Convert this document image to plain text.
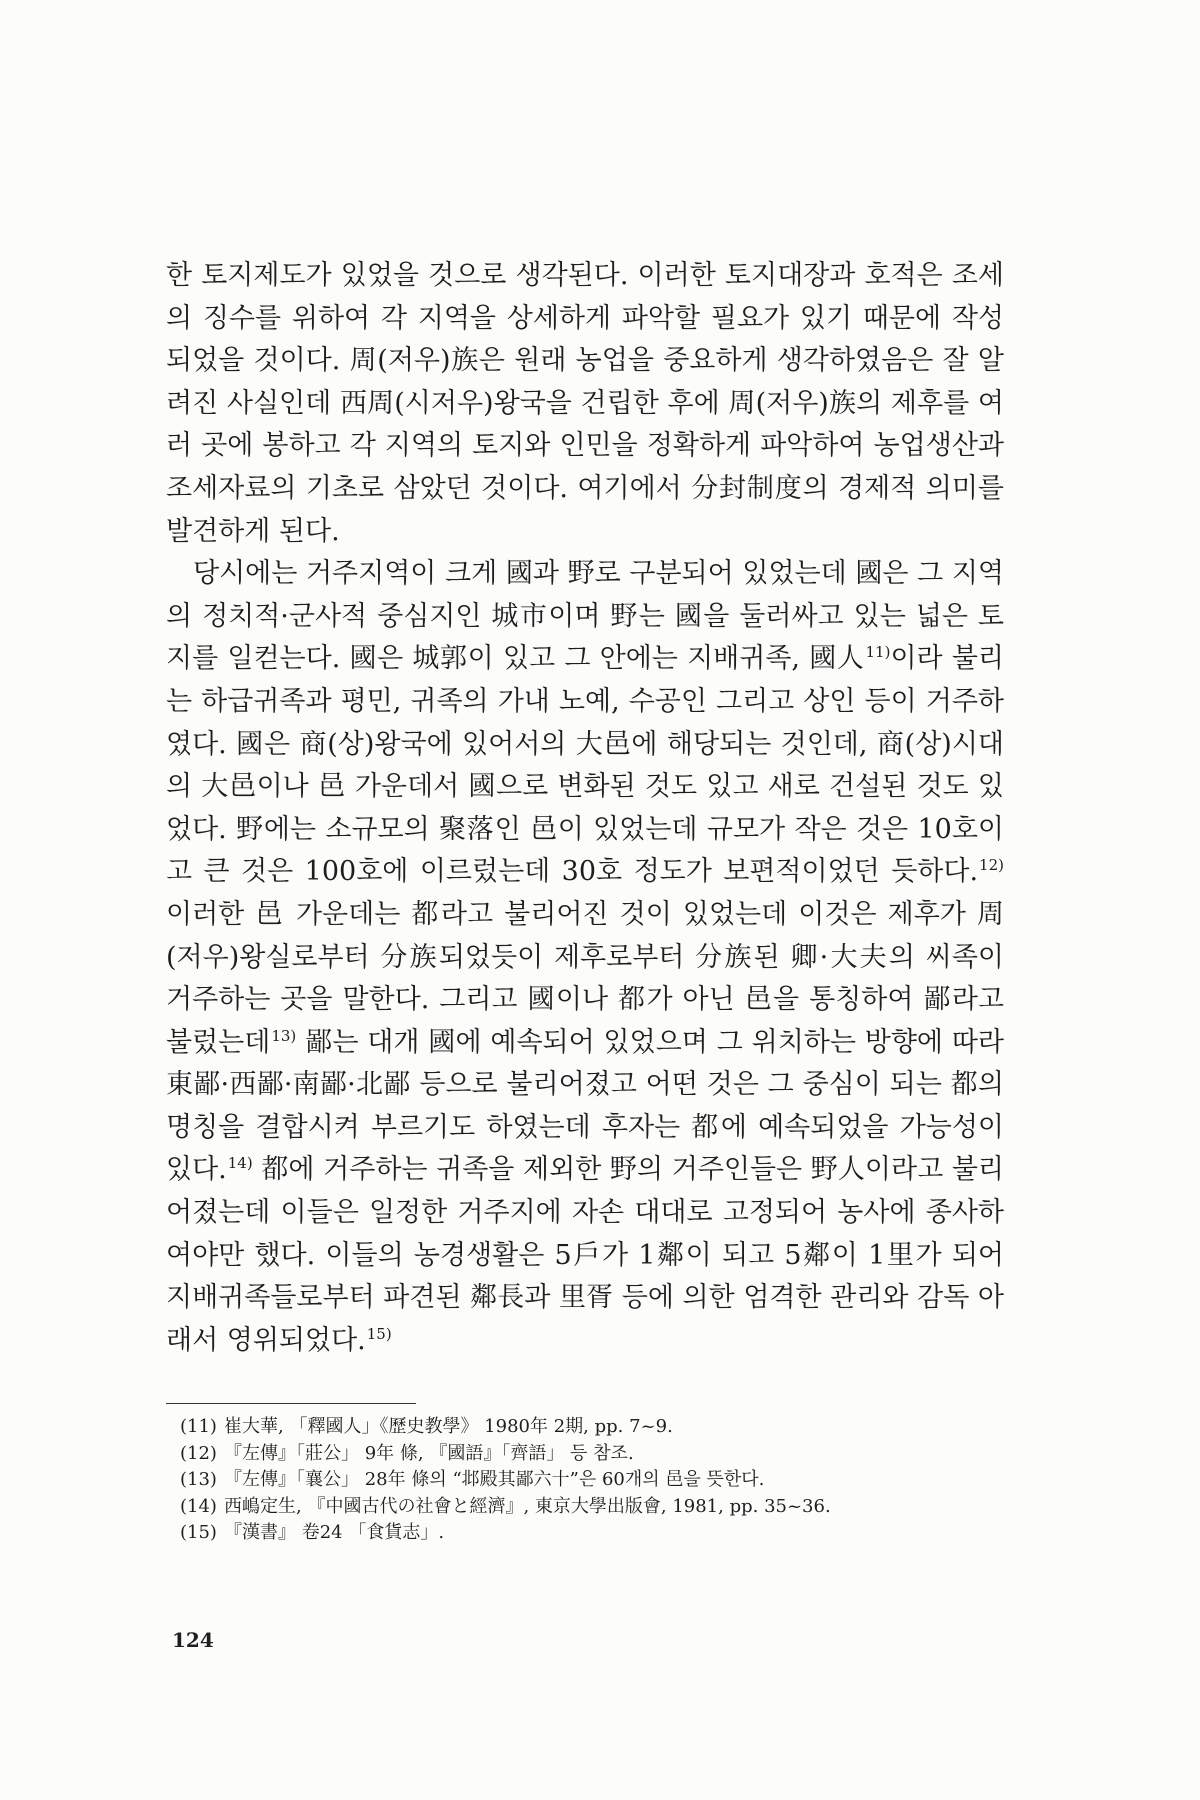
한 토지제도가 있었을 것으로 생각된다. 이러한 토지대장과 호적은 조세의 징수를 위하여 각 지역을 상세하게 파악할 필요가 있기 때문에 작성되었을 것이다. 周(저우)族은 원래 농업을 중요하게 생각하였음은 잘 알려진 사실인데 西周(시저우)왕국을 건립한 후에 周(저우)族의 제후를 여러 곳에 봉하고 각 지역의 토지와 인민을 정확하게 파악하여 농업생산과 조세자료의 기초로 삼았던 것이다. 여기에서 分封制度의 경제적 의미를 발견하게 된다.

당시에는 거주지역이 크게 國과 野로 구분되어 있었는데 國은 그 지역의 정치적·군사적 중심지인 城市이며 野는 國을 둘러싸고 있는 넓은 토지를 일컫는다. 國은 城郭이 있고 그 안에는 지배귀족, 國人$^{11)}$이라 불리는 하급귀족과 평민, 귀족의 가내 노예, 수공인 그리고 상인 등이 거주하였다. 國은 商(상)왕국에 있어서의 大邑에 해당되는 것인데, 商(상)시대의 大邑이나 邑 가운데서 國으로 변화된 것도 있고 새로 건설된 것도 있었다. 野에는 소규모의 聚落인 邑이 있었는데 규모가 작은 것은 10호이고 큰 것은 100호에 이르렀는데 30호 정도가 보편적이었던 듯하다.$^{12)}$ 이러한 邑 가운데는 都라고 불리어진 것이 있었는데 이것은 제후가 周(저우)왕실로부터 分族되었듯이 제후로부터 分族된 卿·大夫의 씨족이 거주하는 곳을 말한다. 그리고 國이나 都가 아닌 邑을 통칭하여 鄙라고 불렀는데$^{13)}$ 鄙는 대개 國에 예속되어 있었으며 그 위치하는 방향에 따라 東鄙·西鄙·南鄙·北鄙 등으로 불리어졌고 어떤 것은 그 중심이 되는 都의 명칭을 결합시켜 부르기도 하였는데 후자는 都에 예속되었을 가능성이 있다.$^{14)}$ 都에 거주하는 귀족을 제외한 野의 거주인들은 野人이라고 불리어졌는데 이들은 일정한 거주지에 자손 대대로 고정되어 농사에 종사하여야만 했다. 이들의 농경생활은 5戶가 1鄰이 되고 5鄰이 1里가 되어 지배귀족들로부터 파견된 鄰長과 里胥 등에 의한 엄격한 관리와 감독 아래서 영위되었다.$^{15)}$

(11) 崔大華, 「釋國人」《歷史教學》 1980年 2期, pp. 7~9.
(12) 『左傳』「莊公」 9年 條, 『國語』「齊語」 등 참조.
(13) 『左傳』「襄公」 28年 條의 “邶殿其鄙六十”은 60개의 邑을 뜻한다.
(14) 西嶋定生, 『中國古代の社會と經濟』, 東京大學出版會, 1981, pp. 35~36.
(15) 『漢書』 卷24 「食貨志」.
124
